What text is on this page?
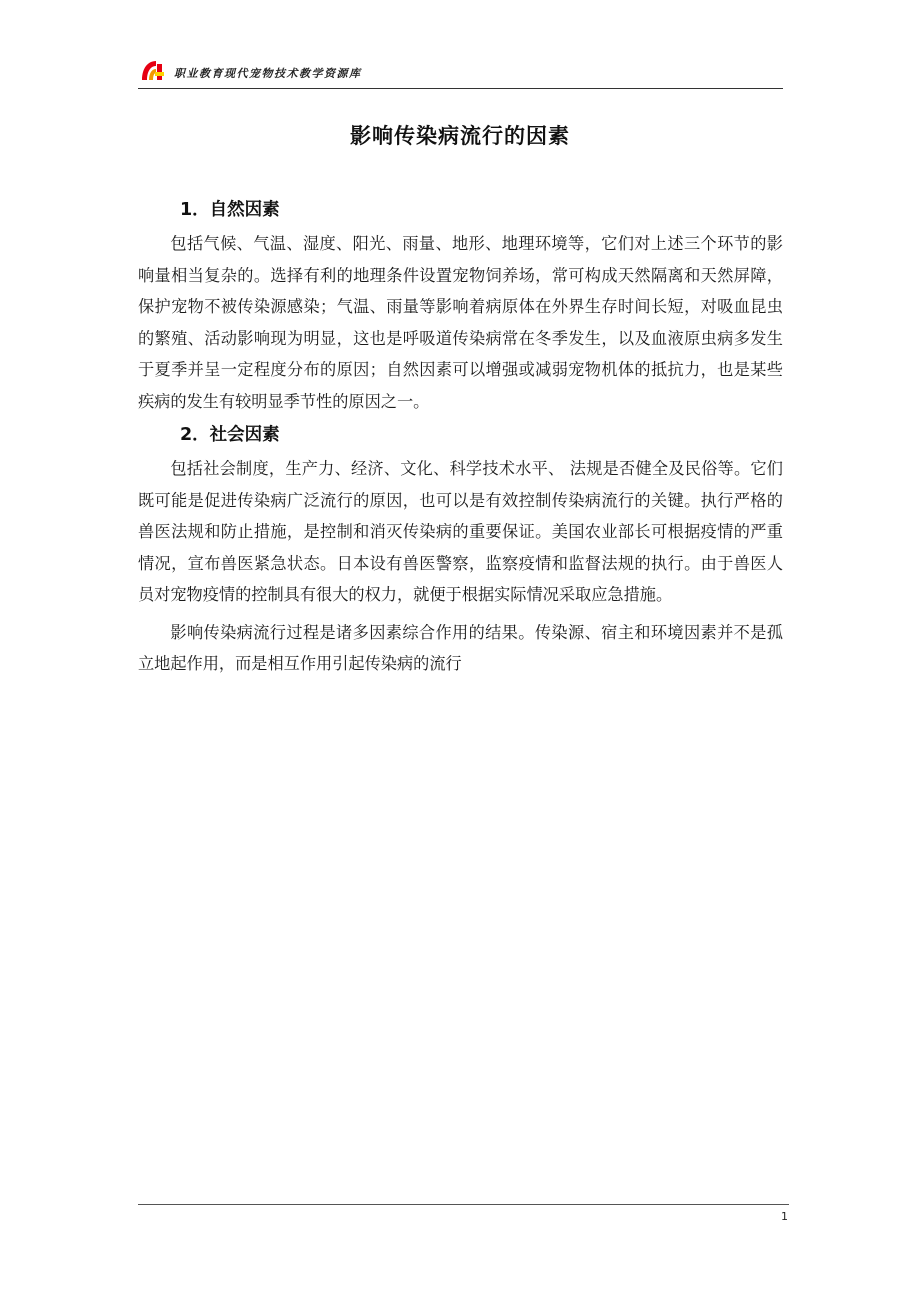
职业教育现代宠物技术教学资源库
影响传染病流行的因素
1．自然因素

包括气候、气温、湿度、阳光、雨量、地形、地理环境等，它们对上述三个环节的影响量相当复杂的。选择有利的地理条件设置宠物饲养场，常可构成天然隔离和天然屏障，保护宠物不被传染源感染；气温、雨量等影响着病原体在外界生存时间长短，对吸血昆虫的繁殖、活动影响现为明显，这也是呼吸道传染病常在冬季发生，以及血液原虫病多发生于夏季并呈一定程度分布的原因；自然因素可以增强或减弱宠物机体的抵抗力，也是某些疾病的发生有较明显季节性的原因之一。

2．社会因素

包括社会制度，生产力、经济、文化、科学技术水平、 法规是否健全及民俗等。它们既可能是促进传染病广泛流行的原因，也可以是有效控制传染病流行的关键。执行严格的兽医法规和防止措施，是控制和消灭传染病的重要保证。美国农业部长可根据疫情的严重情况，宣布兽医紧急状态。日本设有兽医警察，监察疫情和监督法规的执行。由于兽医人员对宠物疫情的控制具有很大的权力，就便于根据实际情况采取应急措施。

影响传染病流行过程是诸多因素综合作用的结果。传染源、宿主和环境因素并不是孤立地起作用，而是相互作用引起传染病的流行

1
